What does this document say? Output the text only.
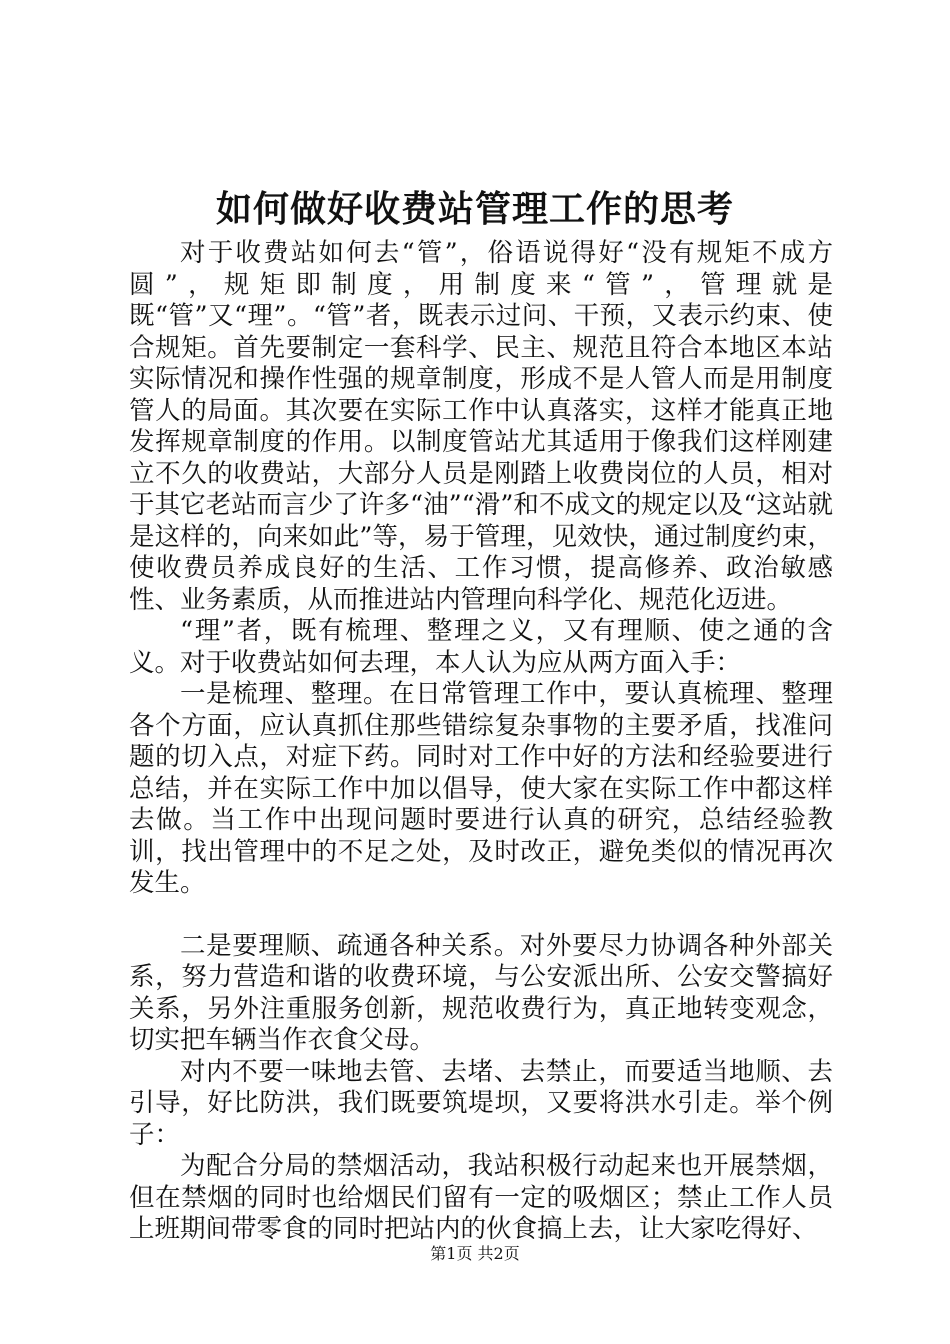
如何做好收费站管理工作的思考

对于收费站如何去“管”，俗语说得好“没有规矩不成方圆”，规矩即制度，用制度来“管”，管理就是既“管”又“理”。“管”者，既表示过问、干预，又表示约束、使合规矩。首先要制定一套科学、民主、规范且符合本地区本站实际情况和操作性强的规章制度，形成不是人管人而是用制度管人的局面。其次要在实际工作中认真落实，这样才能真正地发挥规章制度的作用。以制度管站尤其适用于像我们这样刚建立不久的收费站，大部分人员是刚踏上收费岗位的人员，相对于其它老站而言少了许多“油”“滑”和不成文的规定以及“这站就是这样的，向来如此”等，易于管理，见效快，通过制度约束，使收费员养成良好的生活、工作习惯，提高修养、政治敏感性、业务素质，从而推进站内管理向科学化、规范化迈进。

“理”者，既有梳理、整理之义，又有理顺、使之通的含义。对于收费站如何去理，本人认为应从两方面入手：

一是梳理、整理。在日常管理工作中，要认真梳理、整理各个方面，应认真抓住那些错综复杂事物的主要矛盾，找准问题的切入点，对症下药。同时对工作中好的方法和经验要进行总结，并在实际工作中加以倡导，使大家在实际工作中都这样去做。当工作中出现问题时要进行认真的研究，总结经验教训，找出管理中的不足之处，及时改正，避免类似的情况再次发生。

二是要理顺、疏通各种关系。对外要尽力协调各种外部关系，努力营造和谐的收费环境，与公安派出所、公安交警搞好关系，另外注重服务创新，规范收费行为，真正地转变观念，切实把车辆当作衣食父母。

对内不要一味地去管、去堵、去禁止，而要适当地顺、去引导，好比防洪，我们既要筑堤坝，又要将洪水引走。举个例子：

为配合分局的禁烟活动，我站积极行动起来也开展禁烟，但在禁烟的同时也给烟民们留有一定的吸烟区；禁止工作人员上班期间带零食的同时把站内的伙食搞上去，让大家吃得好、

第1页 共2页
